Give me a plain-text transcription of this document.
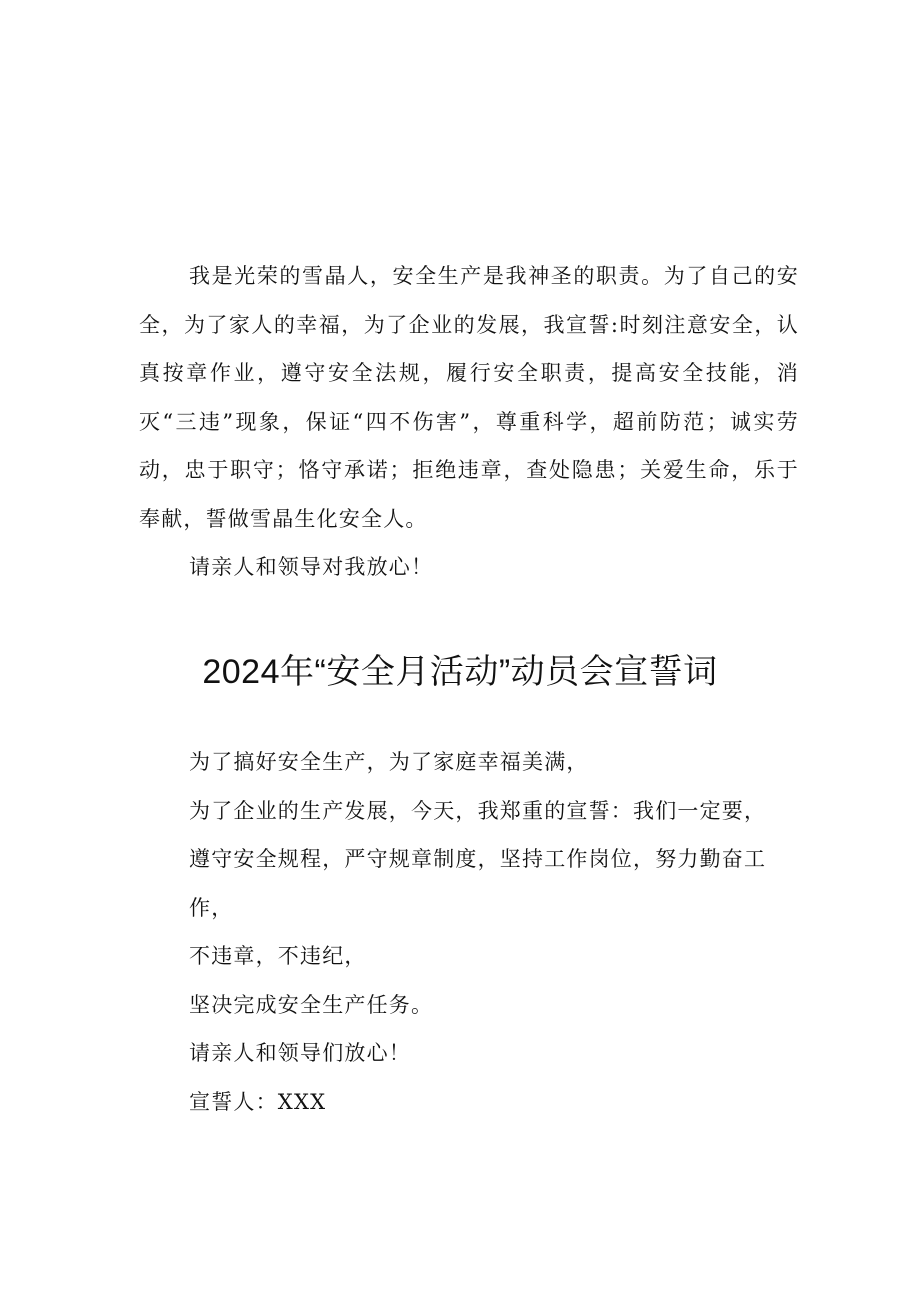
我是光荣的雪晶人，安全生产是我神圣的职责。为了自己的安全，为了家人的幸福，为了企业的发展，我宣誓:时刻注意安全，认真按章作业，遵守安全法规，履行安全职责，提高安全技能，消灭“三违”现象，保证“四不伤害”，尊重科学，超前防范；诚实劳动，忠于职守；恪守承诺；拒绝违章，查处隐患；关爱生命，乐于奉献，誓做雪晶生化安全人。

请亲人和领导对我放心！

2024年“安全月活动”动员会宣誓词

为了搞好安全生产，为了家庭幸福美满，

为了企业的生产发展，今天，我郑重的宣誓：我们一定要，

遵守安全规程，严守规章制度，坚持工作岗位，努力勤奋工作，

不违章，不违纪，

坚决完成安全生产任务。

请亲人和领导们放心！

宣誓人：XXX
